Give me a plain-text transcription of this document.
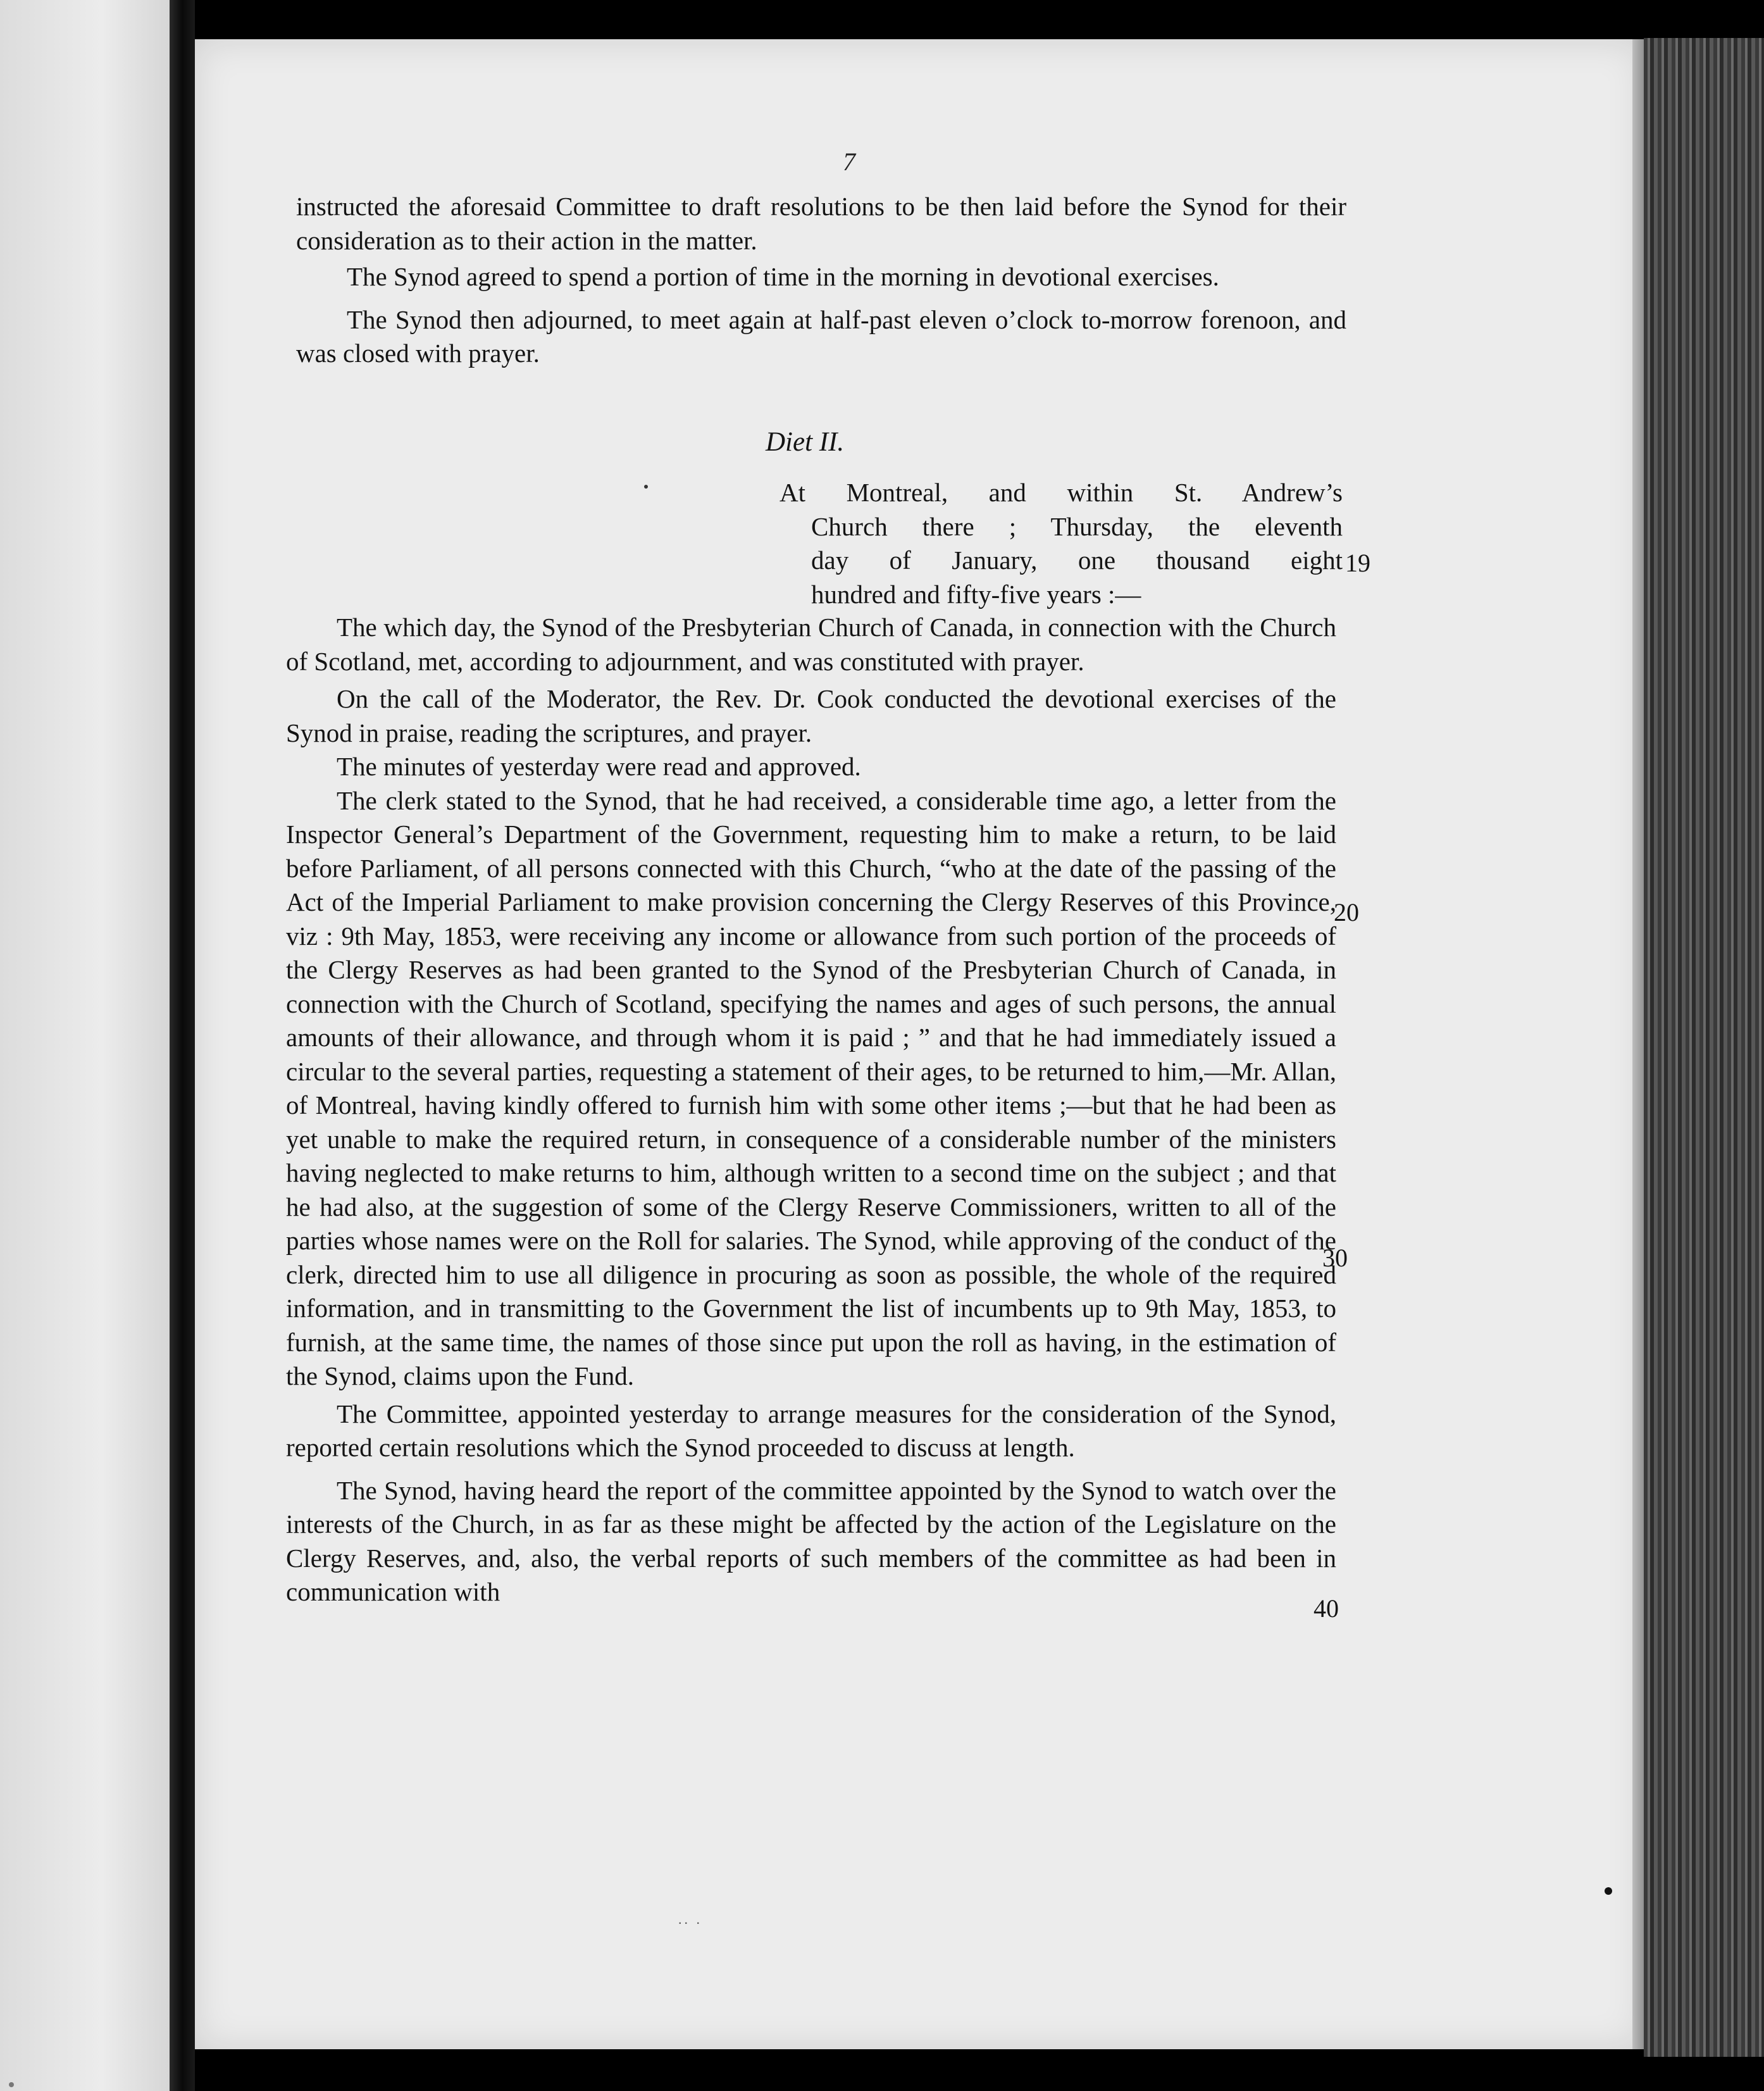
7

instructed the aforesaid Committee to draft resolutions to be then laid before the Synod for their consideration as to their action in the matter.

The Synod agreed to spend a portion of time in the morning in devotional exercises.

The Synod then adjourned, to meet again at half-past eleven o’clock to-morrow forenoon, and was closed with prayer.

Diet II.
At Montreal, and within St. Andrew’s
Church there ; Thursday, the eleventh
day of January, one thousand eight
hundred and fifty-five years :—

The which day, the Synod of the Presbyterian Church of Canada, in connection with the Church of Scotland, met, according to adjournment, and was constituted with prayer.

On the call of the Moderator, the Rev. Dr. Cook conducted the devotional exercises of the Synod in praise, reading the scriptures, and prayer.

The minutes of yesterday were read and approved.

The clerk stated to the Synod, that he had received, a considerable time ago, a letter from the Inspector General’s Department of the Government, requesting him to make a return, to be laid before Parliament, of all persons connected with this Church, “who at the date of the passing of the Act of the Imperial Parliament to make provision concerning the Clergy Reserves of this Province, viz : 9th May, 1853, were receiving any income or allowance from such portion of the proceeds of the Clergy Reserves as had been granted to the Synod of the Presbyterian Church of Canada, in connection with the Church of Scotland, specifying the names and ages of such persons, the annual amounts of their allowance, and through whom it is paid ; ” and that he had immediately issued a circular to the several parties, requesting a statement of their ages, to be returned to him,—Mr. Allan, of Montreal, having kindly offered to furnish him with some other items ;—but that he had been as yet unable to make the required return, in consequence of a considerable number of the ministers having neglected to make returns to him, although written to a second time on the subject ; and that he had also, at the suggestion of some of the Clergy Reserve Commissioners, written to all of the parties whose names were on the Roll for salaries. The Synod, while approving of the conduct of the clerk, directed him to use all diligence in procuring as soon as possible, the whole of the required information, and in transmitting to the Government the list of incumbents up to 9th May, 1853, to furnish, at the same time, the names of those since put upon the roll as having, in the estimation of the Synod, claims upon the Fund.

The Committee, appointed yesterday to arrange measures for the consideration of the Synod, reported certain resolutions which the Synod proceeded to discuss at length.

The Synod, having heard the report of the committee appointed by the Synod to watch over the interests of the Church, in as far as these might be affected by the action of the Legislature on the Clergy Reserves, and, also, the verbal reports of such members of the committee as had been in communication with

19
20
30
40
.. .
